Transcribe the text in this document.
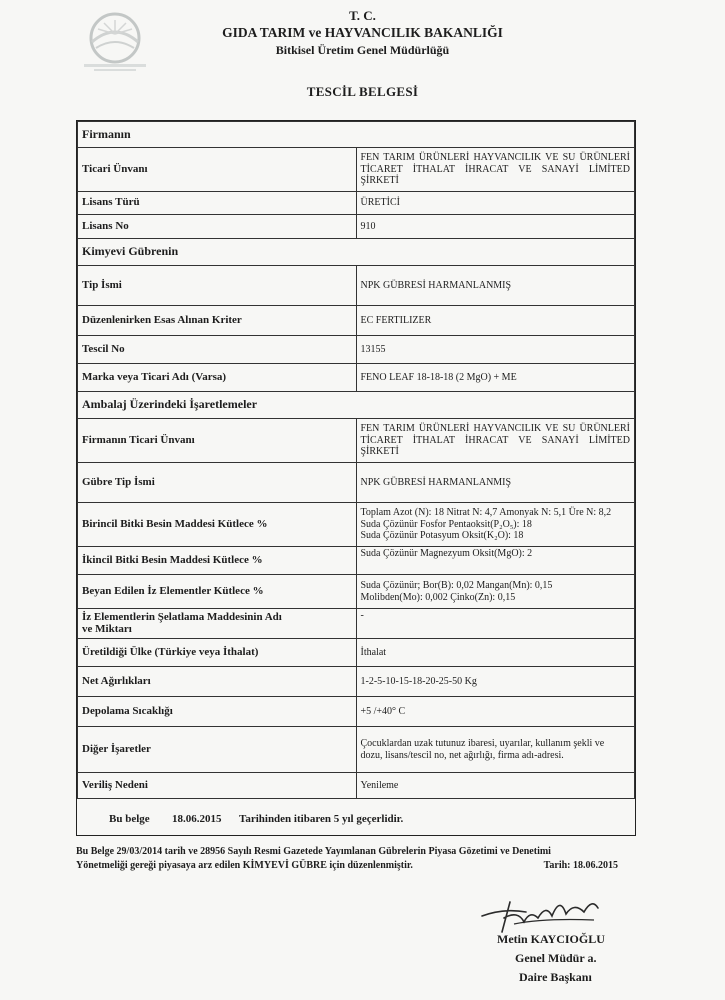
T. C.
GIDA TARIM ve HAYVANCILIK BAKANLIĞI
Bitkisel Üretim Genel Müdürlüğü
TESCİL BELGESİ
Firmanın	
Ticari Ünvanı	FEN TARIM ÜRÜNLERİ HAYVANCILIK VE SU ÜRÜNLERİ
TİCARET İTHALAT İHRACAT VE SANAYİ LİMİTED
ŞİRKETİ

Lisans Türü	ÜRETİCİ
Lisans No	910
Kimyevi Gübrenin	
Tip İsmi	NPK GÜBRESİ HARMANLANMIŞ
Düzenlenirken Esas Alınan Kriter	EC FERTILIZER
Tescil No	13155
Marka veya Ticari Adı (Varsa)	FENO LEAF 18-18-18 (2 MgO) + ME
Ambalaj Üzerindeki İşaretlemeler	
Firmanın Ticari Ünvanı	FEN TARIM ÜRÜNLERİ HAYVANCILIK VE SU ÜRÜNLERİ
TİCARET İTHALAT İHRACAT VE SANAYİ LİMİTED
ŞİRKETİ

Gübre Tip İsmi	NPK GÜBRESİ HARMANLANMIŞ
Birincil Bitki Besin Maddesi Kütlece %	Toplam Azot (N): 18 Nitrat N: 4,7 Amonyak N: 5,1 Üre N: 8,2
Suda Çözünür Fosfor Pentaoksit(P₂O₅): 18
Suda Çözünür Potasyum Oksit(K₂O): 18

İkincil Bitki Besin Maddesi Kütlece %	Suda Çözünür Magnezyum Oksit(MgO): 2
Beyan Edilen İz Elementler Kütlece %	Suda Çözünür; Bor(B): 0,02 Mangan(Mn): 0,15
Molibden(Mo): 0,002 Çinko(Zn): 0,15

İz Elementlerin Şelatlama Maddesinin Adı
ve Miktarı	-
Üretildiği Ülke (Türkiye veya İthalat)	İthalat
Net Ağırlıkları	1-2-5-10-15-18-20-25-50 Kg
Depolama Sıcaklığı	+5 /+40° C
Diğer İşaretler	Çocuklardan uzak tutunuz ibaresi, uyarılar, kullanım şekli ve
dozu, lisans/tescil no, net ağırlığı, firma adı-adresi.

Veriliş Nedeni	Yenileme
Bu belge 18.06.2015 Tarihinden itibaren 5 yıl geçerlidir.
Bu Belge 29/03/2014 tarih ve 28956 Sayılı Resmi Gazetede Yayımlanan Gübrelerin Piyasa Gözetimi ve Denetimi
Yönetmeliği gereği piyasaya arz edilen KİMYEVİ GÜBRE için düzenlenmiştir.	Tarih: 18.06.2015
Metin KAYCIOĞLU
Genel Müdür a.
Daire Başkanı
